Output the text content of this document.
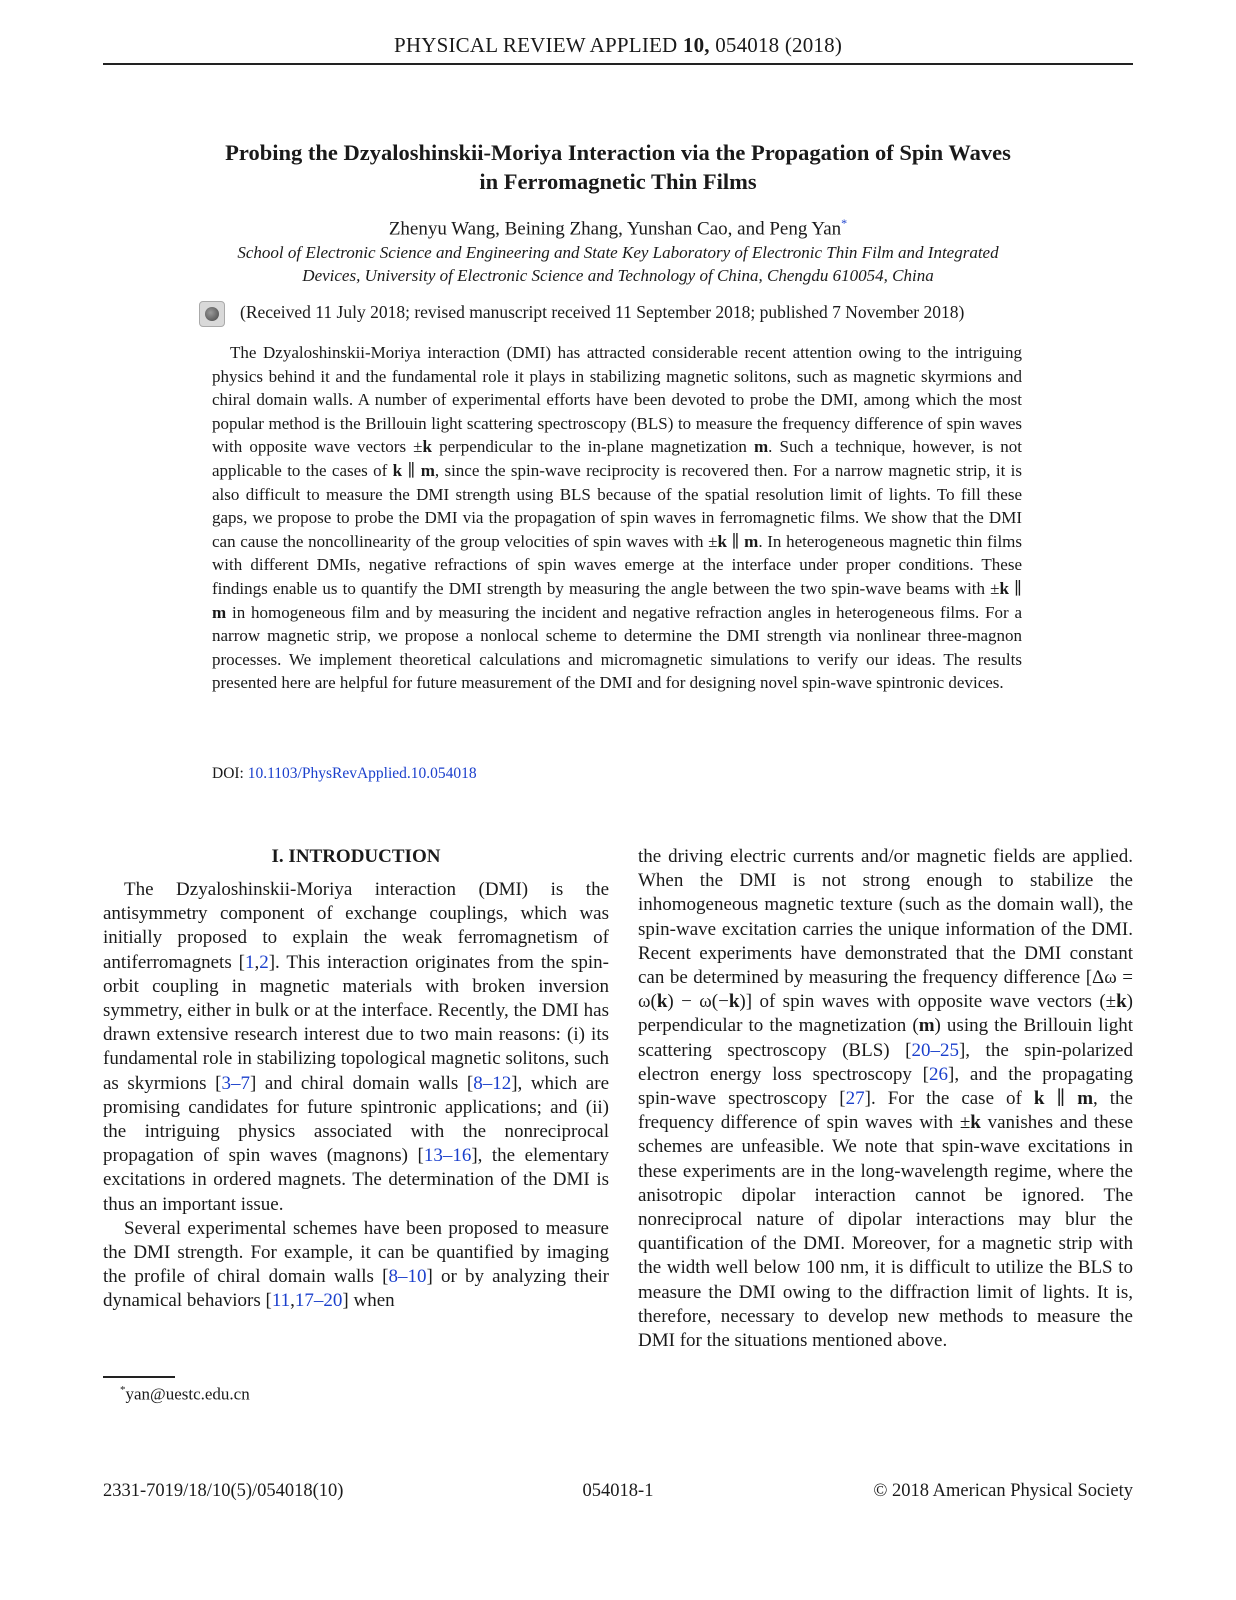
PHYSICAL REVIEW APPLIED 10, 054018 (2018)
Probing the Dzyaloshinskii-Moriya Interaction via the Propagation of Spin Waves
in Ferromagnetic Thin Films
Zhenyu Wang, Beining Zhang, Yunshan Cao, and Peng Yan*
School of Electronic Science and Engineering and State Key Laboratory of Electronic Thin Film and Integrated
Devices, University of Electronic Science and Technology of China, Chengdu 610054, China
(Received 11 July 2018; revised manuscript received 11 September 2018; published 7 November 2018)
The Dzyaloshinskii-Moriya interaction (DMI) has attracted considerable recent attention owing to the intriguing physics behind it and the fundamental role it plays in stabilizing magnetic solitons, such as magnetic skyrmions and chiral domain walls. A number of experimental efforts have been devoted to probe the DMI, among which the most popular method is the Brillouin light scattering spectroscopy (BLS) to measure the frequency difference of spin waves with opposite wave vectors ±k perpendicular to the in-plane magnetization m. Such a technique, however, is not applicable to the cases of k ∥ m, since the spin-wave reciprocity is recovered then. For a narrow magnetic strip, it is also difficult to measure the DMI strength using BLS because of the spatial resolution limit of lights. To fill these gaps, we propose to probe the DMI via the propagation of spin waves in ferromagnetic films. We show that the DMI can cause the noncollinearity of the group velocities of spin waves with ±k ∥ m. In heterogeneous magnetic thin films with different DMIs, negative refractions of spin waves emerge at the interface under proper conditions. These findings enable us to quantify the DMI strength by measuring the angle between the two spin-wave beams with ±k ∥ m in homogeneous film and by measuring the incident and negative refraction angles in heterogeneous films. For a narrow magnetic strip, we propose a nonlocal scheme to determine the DMI strength via nonlinear three-magnon processes. We implement theoretical calculations and micromagnetic simulations to verify our ideas. The results presented here are helpful for future measurement of the DMI and for designing novel spin-wave spintronic devices.
DOI: 10.1103/PhysRevApplied.10.054018
I. INTRODUCTION

The Dzyaloshinskii-Moriya interaction (DMI) is the antisymmetry component of exchange couplings, which was initially proposed to explain the weak ferromagnetism of antiferromagnets [1,2]. This interaction originates from the spin-orbit coupling in magnetic materials with broken inversion symmetry, either in bulk or at the interface. Recently, the DMI has drawn extensive research interest due to two main reasons: (i) its fundamental role in stabilizing topological magnetic solitons, such as skyrmions [3–7] and chiral domain walls [8–12], which are promising candidates for future spintronic applications; and (ii) the intriguing physics associated with the nonreciprocal propagation of spin waves (magnons) [13–16], the elementary excitations in ordered magnets. The determination of the DMI is thus an important issue.

Several experimental schemes have been proposed to measure the DMI strength. For example, it can be quantified by imaging the profile of chiral domain walls [8–10] or by analyzing their dynamical behaviors [11,17–20] when

the driving electric currents and/or magnetic fields are applied. When the DMI is not strong enough to stabilize the inhomogeneous magnetic texture (such as the domain wall), the spin-wave excitation carries the unique information of the DMI. Recent experiments have demonstrated that the DMI constant can be determined by measuring the frequency difference [Δω = ω(k) − ω(−k)] of spin waves with opposite wave vectors (±k) perpendicular to the magnetization (m) using the Brillouin light scattering spectroscopy (BLS) [20–25], the spin-polarized electron energy loss spectroscopy [26], and the propagating spin-wave spectroscopy [27]. For the case of k ∥ m, the frequency difference of spin waves with ±k vanishes and these schemes are unfeasible. We note that spin-wave excitations in these experiments are in the long-wavelength regime, where the anisotropic dipolar interaction cannot be ignored. The nonreciprocal nature of dipolar interactions may blur the quantification of the DMI. Moreover, for a magnetic strip with the width well below 100 nm, it is difficult to utilize the BLS to measure the DMI owing to the diffraction limit of lights. It is, therefore, necessary to develop new methods to measure the DMI for the situations mentioned above.

*yan@uestc.edu.cn
2331-7019/18/10(5)/054018(10)	054018-1	© 2018 American Physical Society
